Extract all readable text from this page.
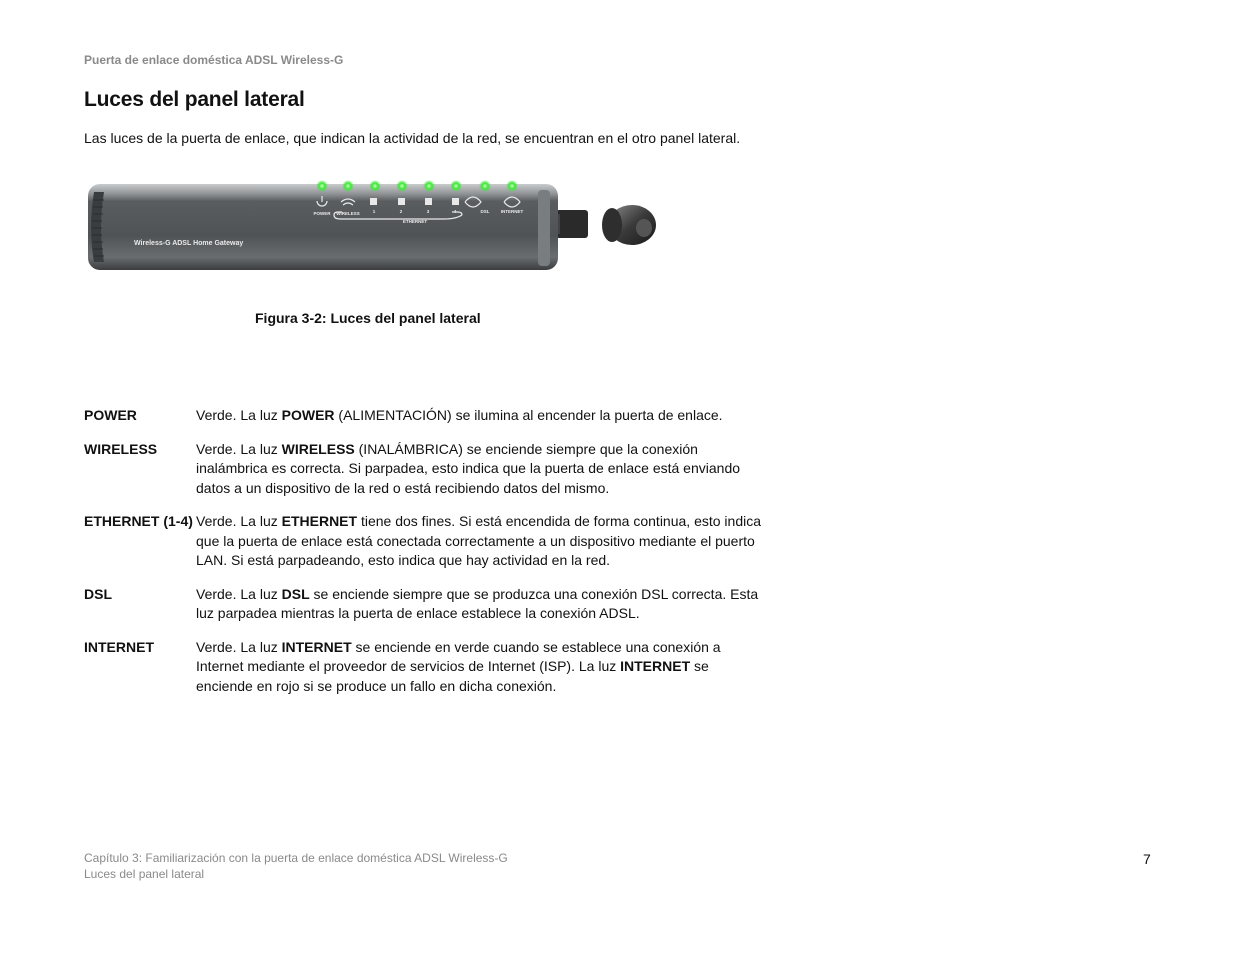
Puerta de enlace doméstica ADSL Wireless-G
Luces del panel lateral
Las luces de la puerta de enlace, que indican la actividad de la red, se encuentran en el otro panel lateral.
POWER WIRELESS	1	2	3	4	DSL	INTERNET
ETHERNET
Wireless-G ADSL Home Gateway
Figura 3-2: Luces del panel lateral
POWER	Verde. La luz POWER (ALIMENTACIÓN) se ilumina al encender la puerta de enlace.
WIRELESS	Verde. La luz WIRELESS (INALÁMBRICA) se enciende siempre que la conexión inalámbrica es correcta. Si parpadea, esto indica que la puerta de enlace está enviando datos a un dispositivo de la red o está recibiendo datos del mismo.
ETHERNET (1-4) Verde. La luz ETHERNET tiene dos fines. Si está encendida de forma continua, esto indica que la puerta de enlace está conectada correctamente a un dispositivo mediante el puerto LAN. Si está parpadeando, esto indica que hay actividad en la red.
DSL	Verde. La luz DSL se enciende siempre que se produzca una conexión DSL correcta. Esta luz parpadea mientras la puerta de enlace establece la conexión ADSL.
INTERNET	Verde. La luz INTERNET se enciende en verde cuando se establece una conexión a Internet mediante el proveedor de servicios de Internet (ISP). La luz INTERNET se enciende en rojo si se produce un fallo en dicha conexión.
Capítulo 3: Familiarización con la puerta de enlace doméstica ADSL Wireless-G
Luces del panel lateral
7
